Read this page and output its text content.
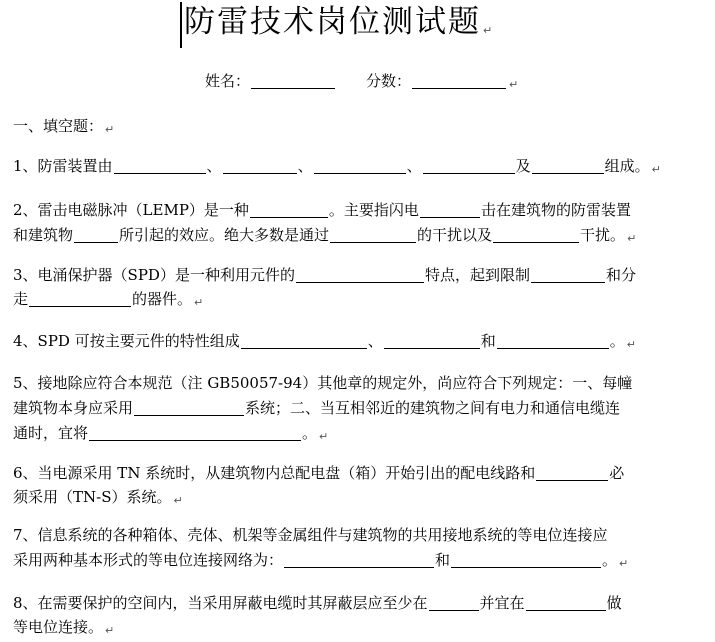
防雷技术岗位测试题 ↵
姓名：	分数：	↵
一、填空题： ↵
1、防雷装置由	、	、	、	及	组成。 ↵
2、雷击电磁脉冲（LEMP）是一种	。主要指闪电	击在建筑物的防雷装置
和建筑物	所引起的效应。绝大多数是通过	的干扰以及	干扰。 ↵
3、电涌保护器（SPD）是一种利用元件的	特点，起到限制	和分
走	的器件。 ↵
4、SPD 可按主要元件的特性组成	、	和	。 ↵
5、接地除应符合本规范（注 GB50057-94）其他章的规定外，尚应符合下列规定：一、每幢
建筑物本身应采用	系统；二、当互相邻近的建筑物之间有电力和通信电缆连
通时，宜将	。 ↵
6、当电源采用 TN 系统时，从建筑物内总配电盘（箱）开始引出的配电线路和	必
须采用（TN-S）系统。 ↵
7、信息系统的各种箱体、壳体、机架等金属组件与建筑物的共用接地系统的等电位连接应
采用两种基本形式的等电位连接网络为：	和	。 ↵
8、在需要保护的空间内，当采用屏蔽电缆时其屏蔽层应至少在	并宜在	做
等电位连接。 ↵
